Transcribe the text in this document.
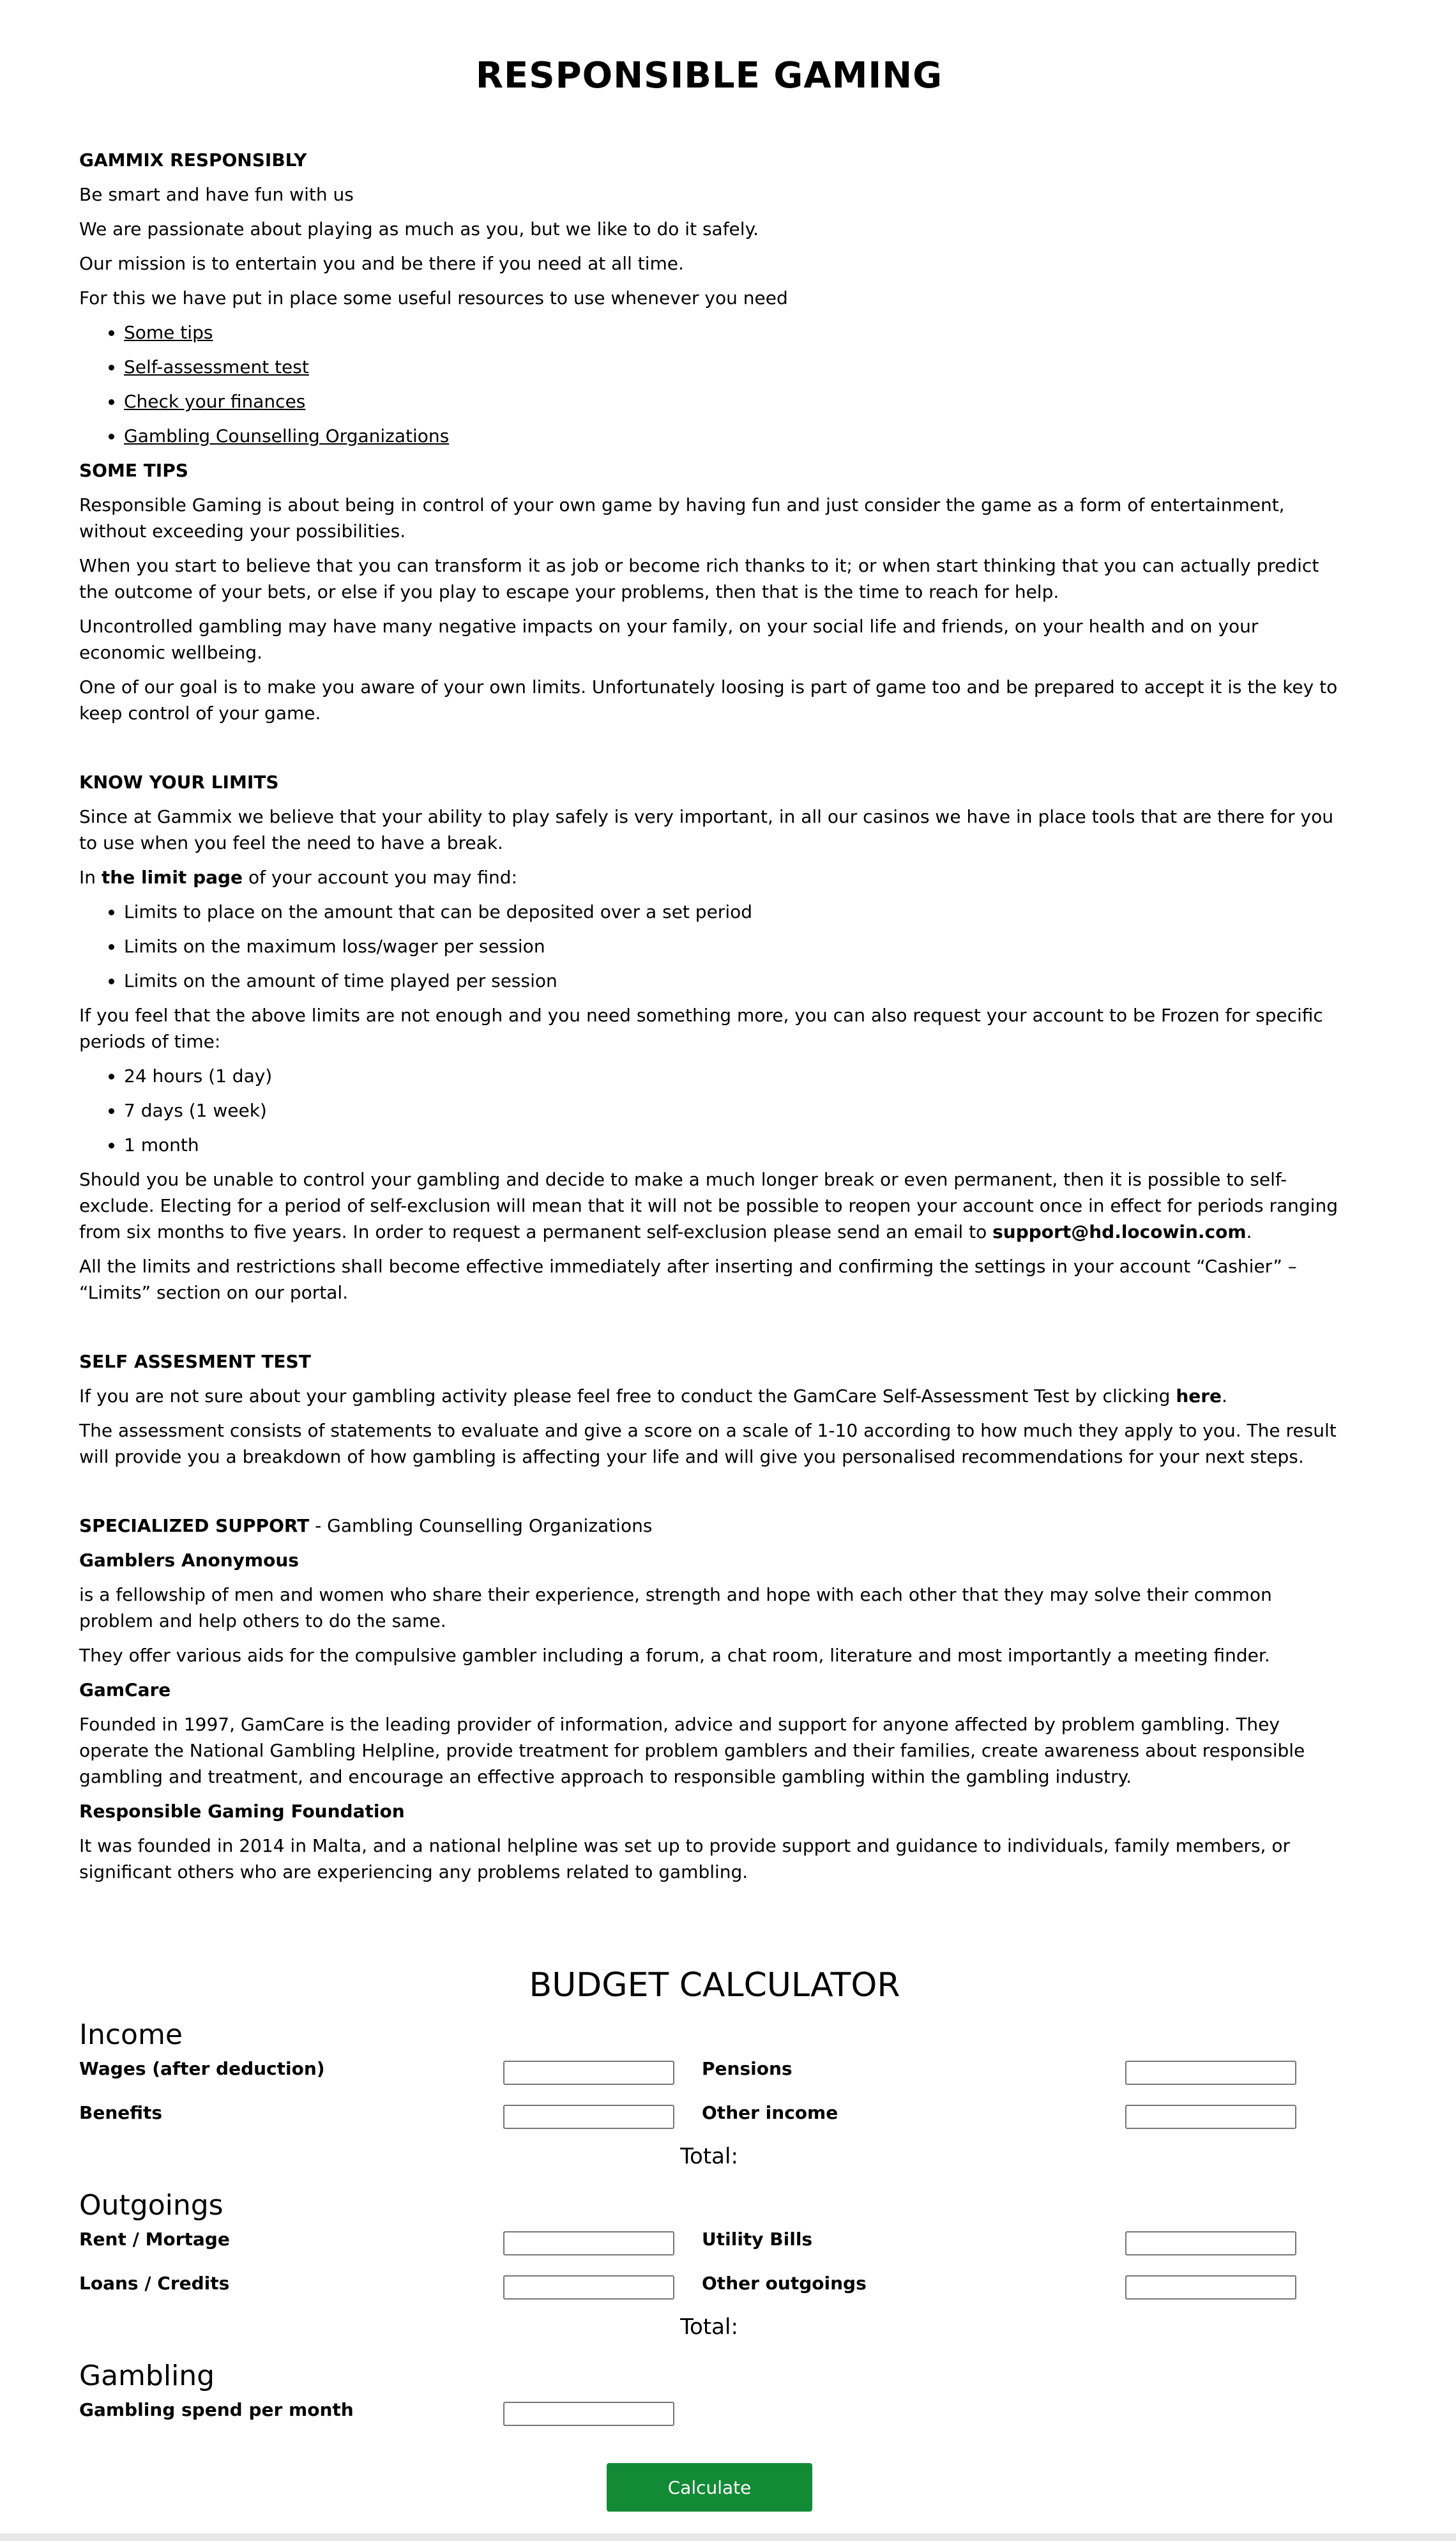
RESPONSIBLE GAMING
GAMMIX RESPONSIBLY

Be smart and have fun with us

We are passionate about playing as much as you, but we like to do it safely.

Our mission is to entertain you and be there if you need at all time.

For this we have put in place some useful resources to use whenever you need

• Some tips
• Self-assessment test
• Check your finances
• Gambling Counselling Organizations
SOME TIPS

Responsible Gaming is about being in control of your own game by having fun and just consider the game as a form of entertainment, without exceeding your possibilities.

When you start to believe that you can transform it as job or become rich thanks to it; or when start thinking that you can actually predict the outcome of your bets, or else if you play to escape your problems, then that is the time to reach for help.

Uncontrolled gambling may have many negative impacts on your family, on your social life and friends, on your health and on your economic wellbeing.

One of our goal is to make you aware of your own limits. Unfortunately loosing is part of game too and be prepared to accept it is the key to keep control of your game.

KNOW YOUR LIMITS

Since at Gammix we believe that your ability to play safely is very important, in all our casinos we have in place tools that are there for you to use when you feel the need to have a break.

In the limit page of your account you may find:

• Limits to place on the amount that can be deposited over a set period
• Limits on the maximum loss/wager per session
• Limits on the amount of time played per session

If you feel that the above limits are not enough and you need something more, you can also request your account to be Frozen for specific periods of time:

• 24 hours (1 day)
• 7 days (1 week)
• 1 month

Should you be unable to control your gambling and decide to make a much longer break or even permanent, then it is possible to self-exclude. Electing for a period of self-exclusion will mean that it will not be possible to reopen your account once in effect for periods ranging from six months to five years. In order to request a permanent self-exclusion please send an email to support@hd.locowin.com.

All the limits and restrictions shall become effective immediately after inserting and confirming the settings in your account “Cashier” – “Limits” section on our portal.

SELF ASSESMENT TEST

If you are not sure about your gambling activity please feel free to conduct the GamCare Self-Assessment Test by clicking here.

The assessment consists of statements to evaluate and give a score on a scale of 1-10 according to how much they apply to you. The result will provide you a breakdown of how gambling is affecting your life and will give you personalised recommendations for your next steps.

SPECIALIZED SUPPORT - Gambling Counselling Organizations

Gamblers Anonymous

is a fellowship of men and women who share their experience, strength and hope with each other that they may solve their common problem and help others to do the same.

They offer various aids for the compulsive gambler including a forum, a chat room, literature and most importantly a meeting finder.

GamCare

Founded in 1997, GamCare is the leading provider of information, advice and support for anyone affected by problem gambling. They operate the National Gambling Helpline, provide treatment for problem gamblers and their families, create awareness about responsible gambling and treatment, and encourage an effective approach to responsible gambling within the gambling industry.

Responsible Gaming Foundation

It was founded in 2014 in Malta, and a national helpline was set up to provide support and guidance to individuals, family members, or significant others who are experiencing any problems related to gambling.

BUDGET CALCULATOR
Income
Wages (after deduction)	Pensions
Benefits	Other income
Total:
Outgoings
Rent / Mortage	Utility Bills
Loans / Credits	Other outgoings
Total:
Gambling
Gambling spend per month
Calculate
